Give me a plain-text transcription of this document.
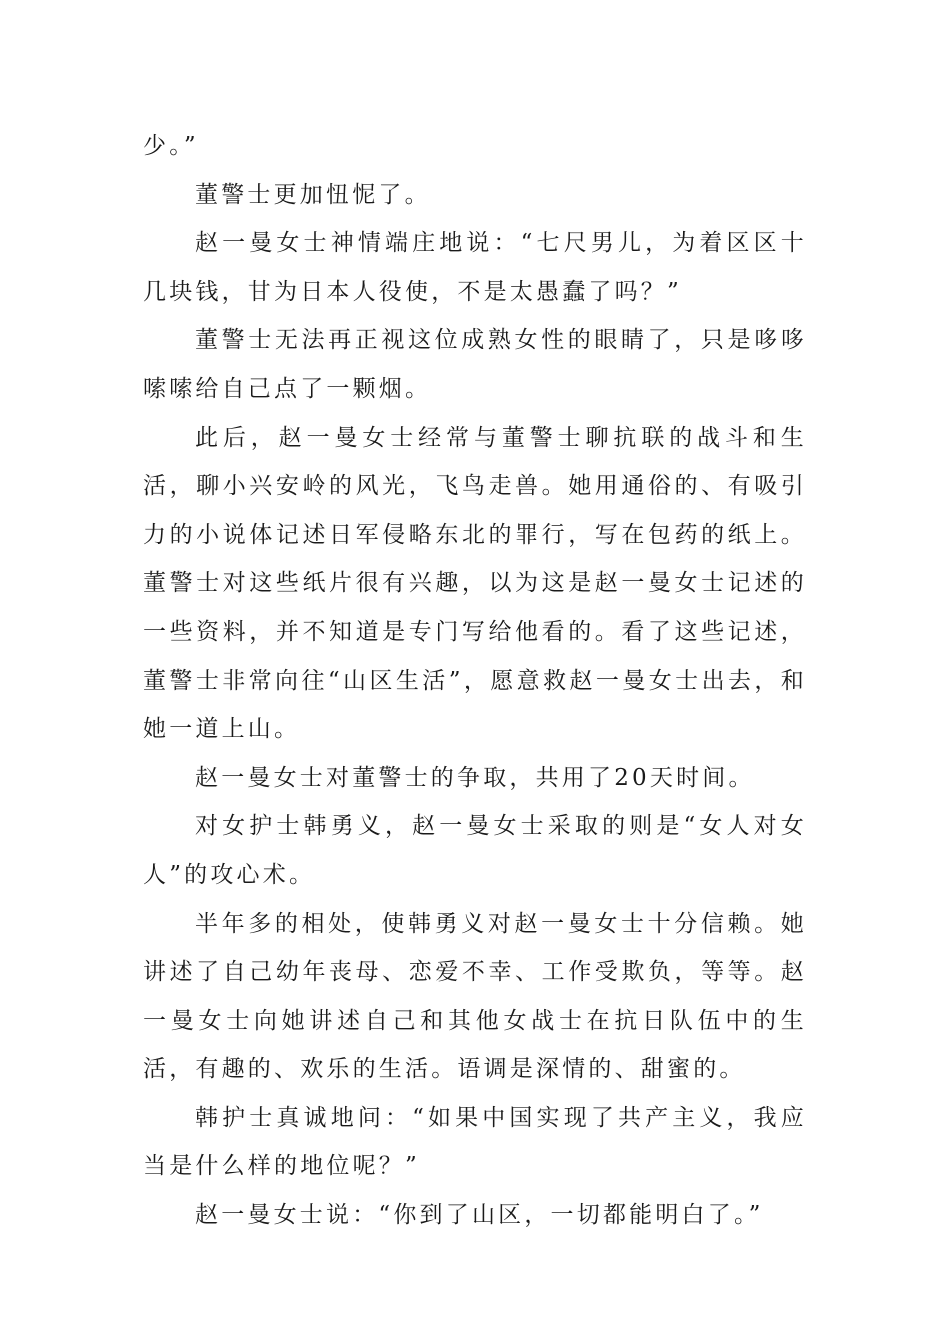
少。”

董警士更加忸怩了。

赵一曼女士神情端庄地说：“七尺男儿，为着区区十几块钱，甘为日本人役使，不是太愚蠢了吗？”

董警士无法再正视这位成熟女性的眼睛了，只是哆哆嗦嗦给自己点了一颗烟。

此后，赵一曼女士经常与董警士聊抗联的战斗和生活，聊小兴安岭的风光，飞鸟走兽。她用通俗的、有吸引力的小说体记述日军侵略东北的罪行，写在包药的纸上。董警士对这些纸片很有兴趣，以为这是赵一曼女士记述的一些资料，并不知道是专门写给他看的。看了这些记述，董警士非常向往“山区生活”，愿意救赵一曼女士出去，和她一道上山。

赵一曼女士对董警士的争取，共用了20天时间。

对女护士韩勇义，赵一曼女士采取的则是“女人对女人”的攻心术。

半年多的相处，使韩勇义对赵一曼女士十分信赖。她讲述了自己幼年丧母、恋爱不幸、工作受欺负，等等。赵一曼女士向她讲述自己和其他女战士在抗日队伍中的生活，有趣的、欢乐的生活。语调是深情的、甜蜜的。

韩护士真诚地问：“如果中国实现了共产主义，我应当是什么样的地位呢？”

赵一曼女士说：“你到了山区，一切都能明白了。”
